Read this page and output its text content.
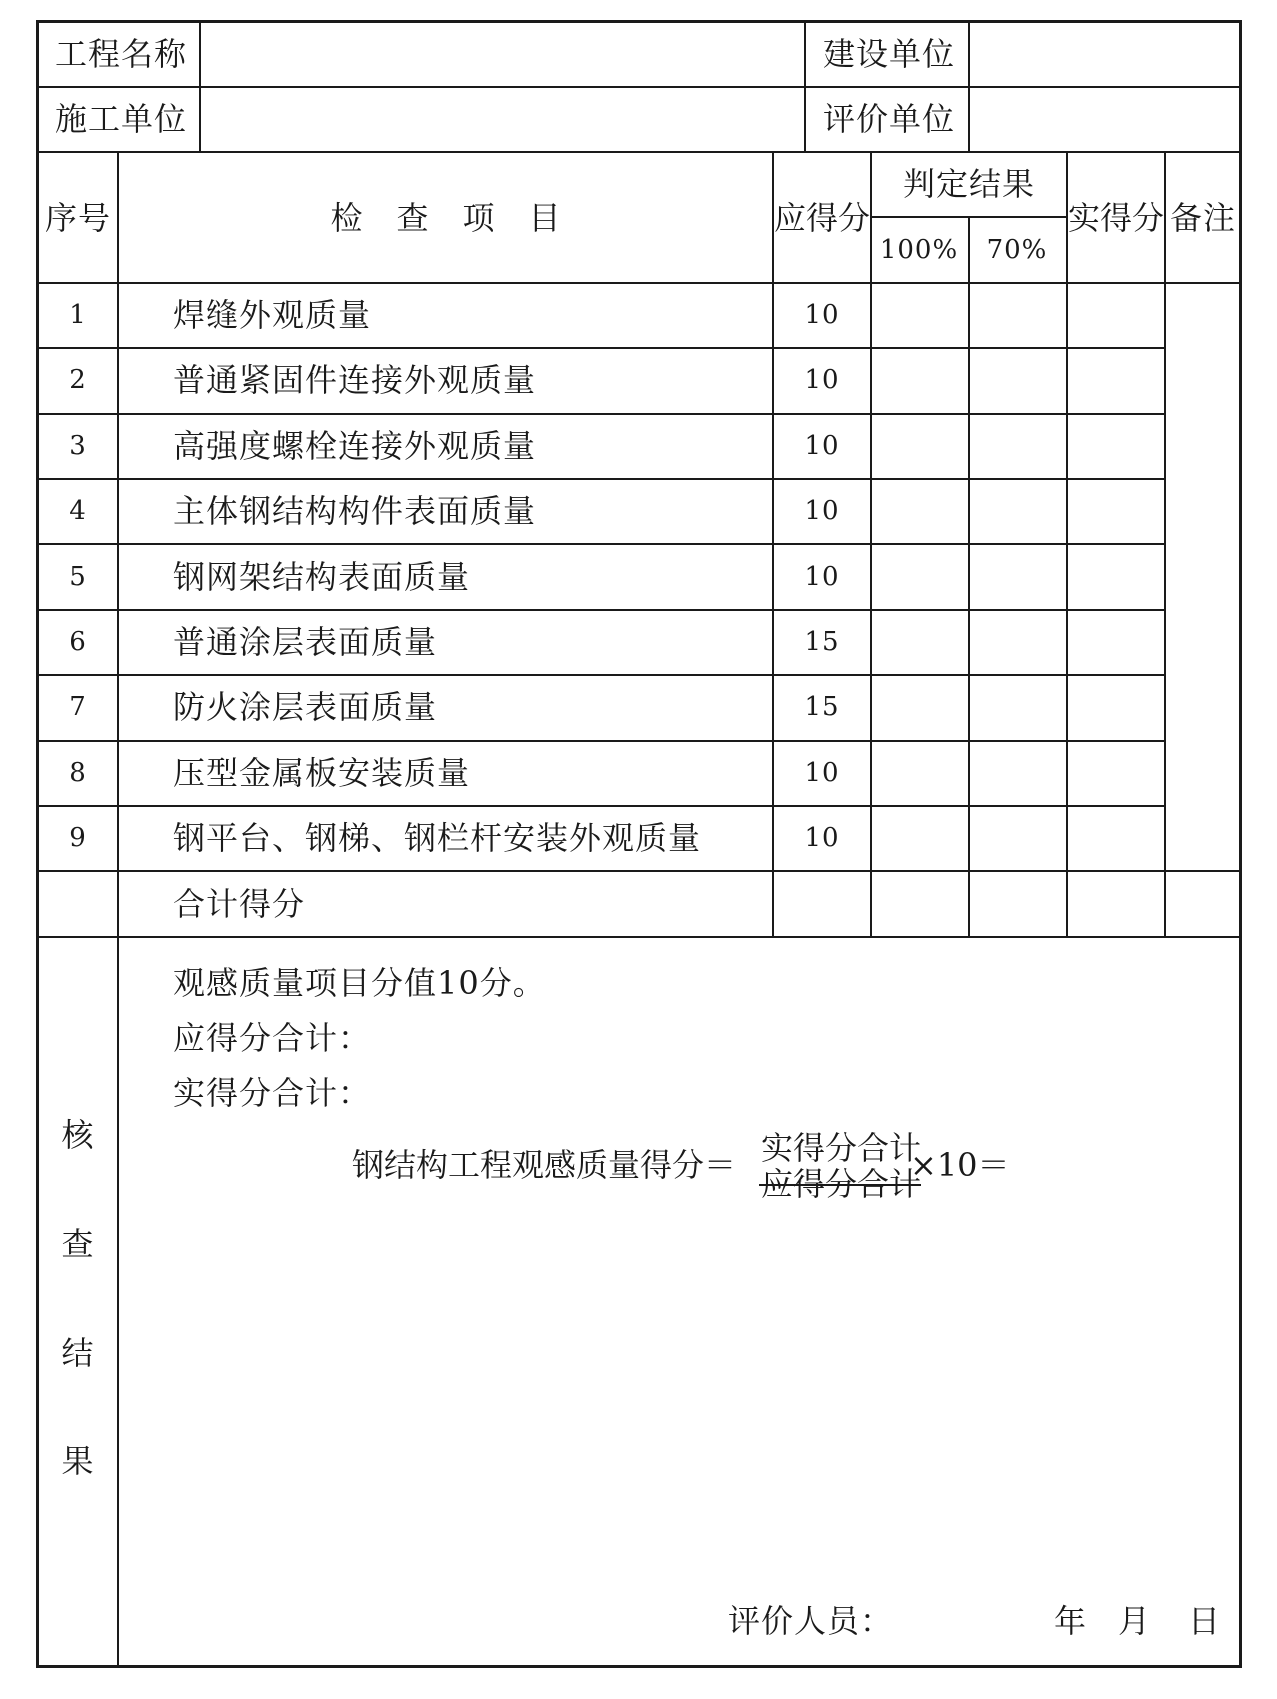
工程名称	建设单位
施工单位	评价单位
序号	检　查　项　目	应得分
判定结果
100%	70%
实得分 备注
1	焊缝外观质量	10
2	普通紧固件连接外观质量	10
3	高强度螺栓连接外观质量	10
4	主体钢结构构件表面质量	10
5	钢网架结构表面质量	10
6	普通涂层表面质量	15
7	防火涂层表面质量	15
8	压型金属板安装质量	10
9	钢平台、钢梯、钢栏杆安装外观质量	10
合计得分
核
查
结
果
观感质量项目分值10分。
应得分合计：
实得分合计：
钢结构工程观感质量得分＝ 实得分合计
应得分合计
×10＝
评价人员：	年 月 日
